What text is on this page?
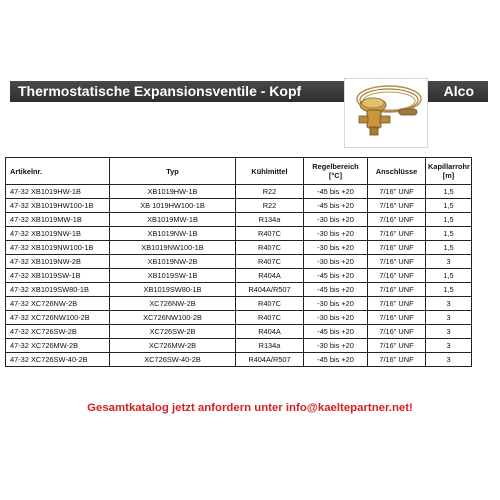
Thermostatische Expansionsventile - Kopf	Alco
Artikelnr.	Typ	Kühlmittel	Regelbereich [°C]	Anschlüsse	Kapillarrohr [m]
47-32 XB1019HW-1B	XB1019HW-1B	R22	-45 bis +20	7/16" UNF	1,5
47-32 XB1019HW100-1B	XB 1019HW100-1B	R22	-45 bis +20	7/16" UNF	1,5
47-32 XB1019MW-1B	XB1019MW-1B	R134a	-30 bis +20	7/16" UNF	1,5
47-32 XB1019NW-1B	XB1019NW-1B	R407C	-30 bis +20	7/16" UNF	1,5
47-32 XB1019NW100-1B	XB1019NW100-1B	R407C	-30 bis +20	7/16" UNF	1,5
47-32 XB1019NW-2B	XB1019NW-2B	R407C	-30 bis +20	7/16" UNF	3
47-32 XB1019SW-1B	XB1019SW-1B	R404A	-45 bis +20	7/16" UNF	1,5
47-32 XB1019SW80-1B	XB1019SW80-1B	R404A/R507	-45 bis +20	7/16" UNF	1,5
47-32 XC726NW-2B	XC726NW-2B	R407C	-30 bis +20	7/16" UNF	3
47-32 XC726NW100-2B	XC726NW100-2B	R407C	-30 bis +20	7/16" UNF	3
47-32 XC726SW-2B	XC726SW-2B	R404A	-45 bis +20	7/16" UNF	3
47-32 XC726MW-2B	XC726MW-2B	R134a	-30 bis +20	7/16" UNF	3
47-32 XC726SW-40-2B	XC726SW-40-2B	R404A/R507	-45 bis +20	7/16" UNF	3
Gesamtkatalog jetzt anfordern unter info@kaeltepartner.net!
